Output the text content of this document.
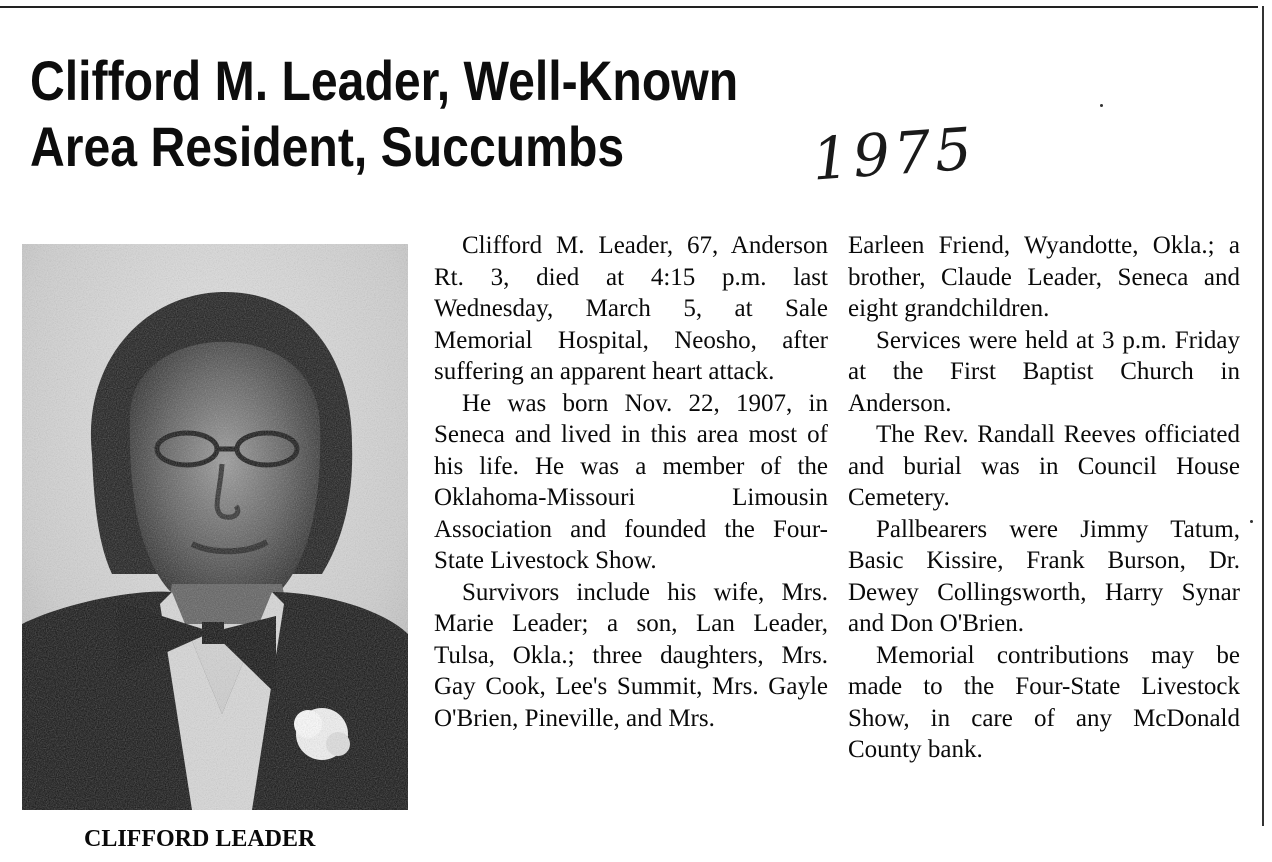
Clifford M. Leader, Well-Known
Area Resident, Succumbs	1975
CLIFFORD LEADER

Clifford M. Leader, 67, Anderson Rt. 3, died at 4:15 p.m. last Wednesday, March 5, at Sale Memorial Hospital, Neosho, after suffering an apparent heart attack.

He was born Nov. 22, 1907, in Seneca and lived in this area most of his life. He was a member of the Oklahoma-Missouri Limousin Association and founded the Four-State Livestock Show.

Survivors include his wife, Mrs. Marie Leader; a son, Lan Leader, Tulsa, Okla.; three daughters, Mrs. Gay Cook, Lee's Summit, Mrs. Gayle O'Brien, Pineville, and Mrs.

Earleen Friend, Wyandotte, Okla.; a brother, Claude Leader, Seneca and eight grandchildren.

Services were held at 3 p.m. Friday at the First Baptist Church in Anderson.

The Rev. Randall Reeves officiated and burial was in Council House Cemetery.

Pallbearers were Jimmy Tatum, Basic Kissire, Frank Burson, Dr. Dewey Collingsworth, Harry Synar and Don O'Brien.

Memorial contributions may be made to the Four-State Livestock Show, in care of any McDonald County bank.
